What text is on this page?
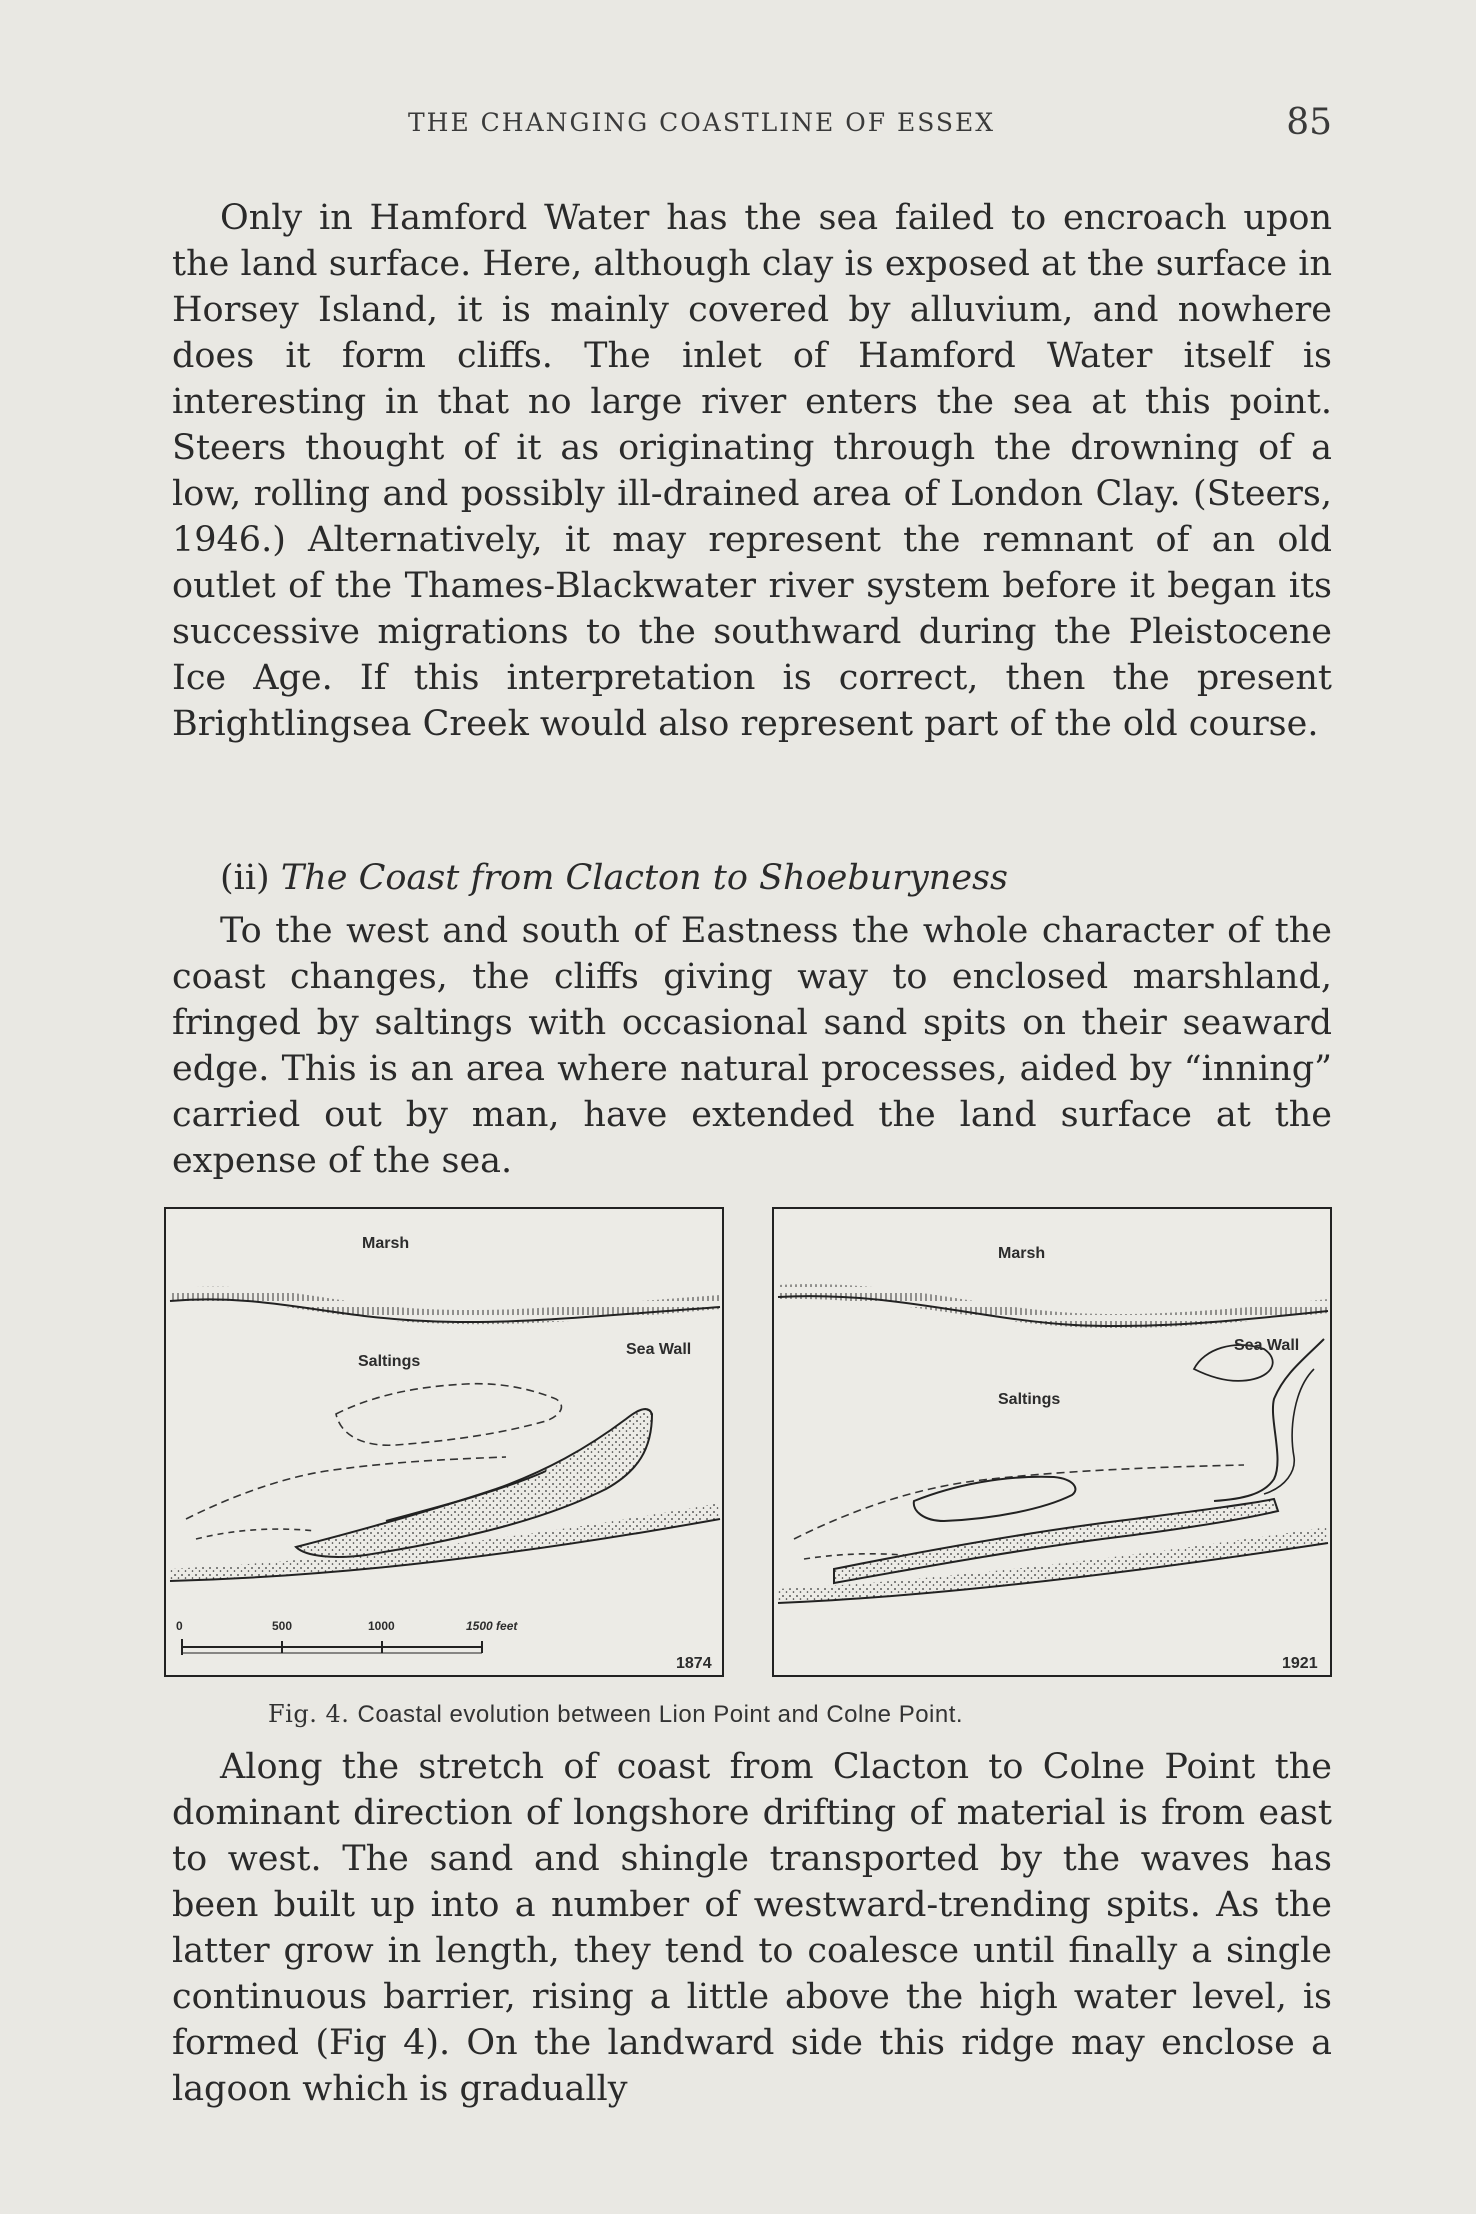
THE CHANGING COASTLINE OF ESSEX	85

Only in Hamford Water has the sea failed to encroach upon the land surface. Here, although clay is exposed at the surface in Horsey Island, it is mainly covered by alluvium, and nowhere does it form cliffs. The inlet of Hamford Water itself is interesting in that no large river enters the sea at this point. Steers thought of it as originating through the drowning of a low, rolling and possibly ill-drained area of London Clay. (Steers, 1946.) Alternatively, it may represent the remnant of an old outlet of the Thames-Blackwater river system before it began its successive migrations to the southward during the Pleistocene Ice Age. If this interpretation is correct, then the present Brightlingsea Creek would also represent part of the old course.

(ii) The Coast from Clacton to Shoeburyness

To the west and south of Eastness the whole character of the coast changes, the cliffs giving way to enclosed marshland, fringed by saltings with occasional sand spits on their seaward edge. This is an area where natural processes, aided by “inning” carried out by man, have extended the land surface at the expense of the sea.

Marsh
Saltings
Sea Wall
0	500	1000	1500 feet
1874
Marsh
Saltings
Sea Wall
1921
Fig. 4. Coastal evolution between Lion Point and Colne Point.

Along the stretch of coast from Clacton to Colne Point the dominant direction of longshore drifting of material is from east to west. The sand and shingle transported by the waves has been built up into a number of westward-trending spits. As the latter grow in length, they tend to coalesce until finally a single continuous barrier, rising a little above the high water level, is formed (Fig 4). On the landward side this ridge may enclose a lagoon which is gradually
